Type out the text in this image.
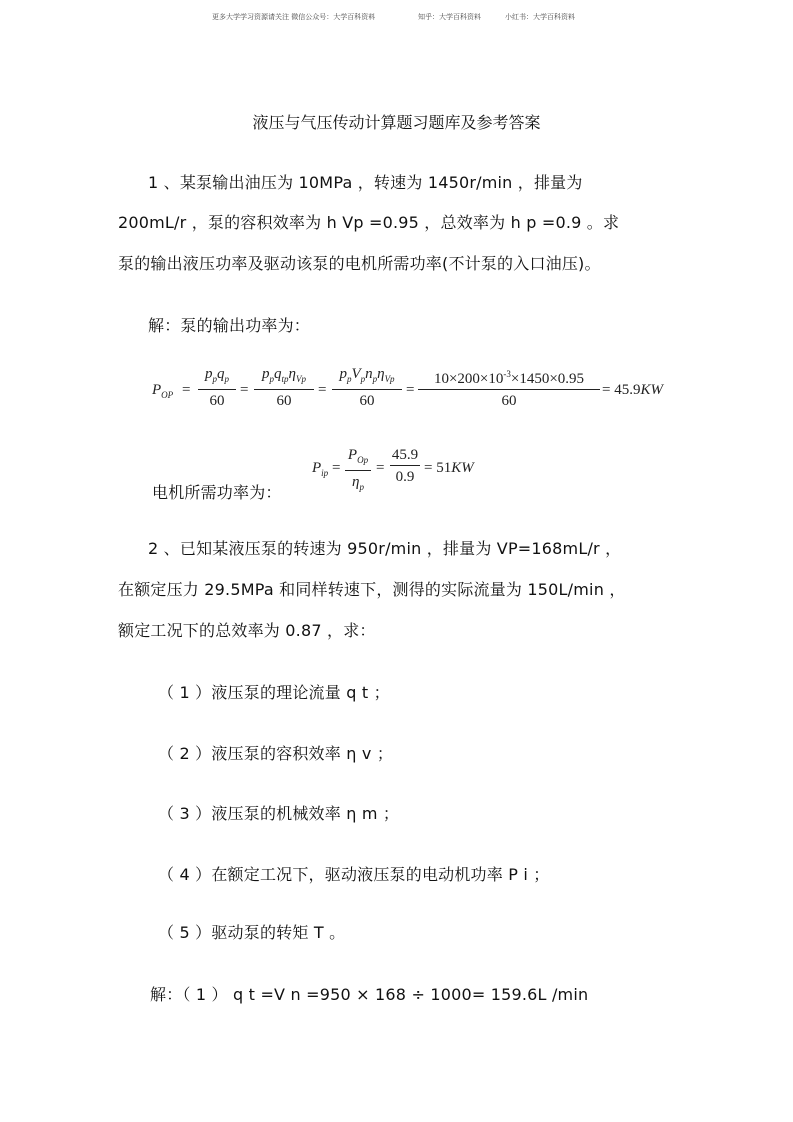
更多大学学习资源请关注 微信公众号：大学百科资料	知乎：大学百科资料	小红书：大学百科资料
液压与气压传动计算题习题库及参考答案
1 、某泵输出油压为 10MPa ，转速为 1450r/min ，排量为
200mL/r ，泵的容积效率为 h Vp =0.95 ，总效率为 h p =0.9 。求
泵的输出液压功率及驱动该泵的电机所需功率(不计泵的入口油压)。
解：泵的输出功率为：
$P_{OP}$ =
$p_pq_p$
60
=
$p_pq_{tp}\eta_{Vp}$
60
=
$p_pV_pn_p\eta_{Vp}$
60
=
$10\times 200\times 10^{-3}\times 1450\times 0.95$
60
= 45.9KW
$P_{ip}$ =
$P_{Op}$
$\eta_p$
=
45.9
0.9
= 51KW
电机所需功率为：
2 、已知某液压泵的转速为 950r/min ，排量为 VP=168mL/r ，
在额定压力 29.5MPa 和同样转速下，测得的实际流量为 150L/min ，
额定工况下的总效率为 0.87 ，求：
（ 1 ）液压泵的理论流量 q t ；
（ 2 ）液压泵的容积效率 η v ；
（ 3 ）液压泵的机械效率 η m ；
（ 4 ）在额定工况下，驱动液压泵的电动机功率 P i ；
（ 5 ）驱动泵的转矩 T 。
解：（ 1 ） q t =V n =950 × 168 ÷ 1000= 159.6L /min
